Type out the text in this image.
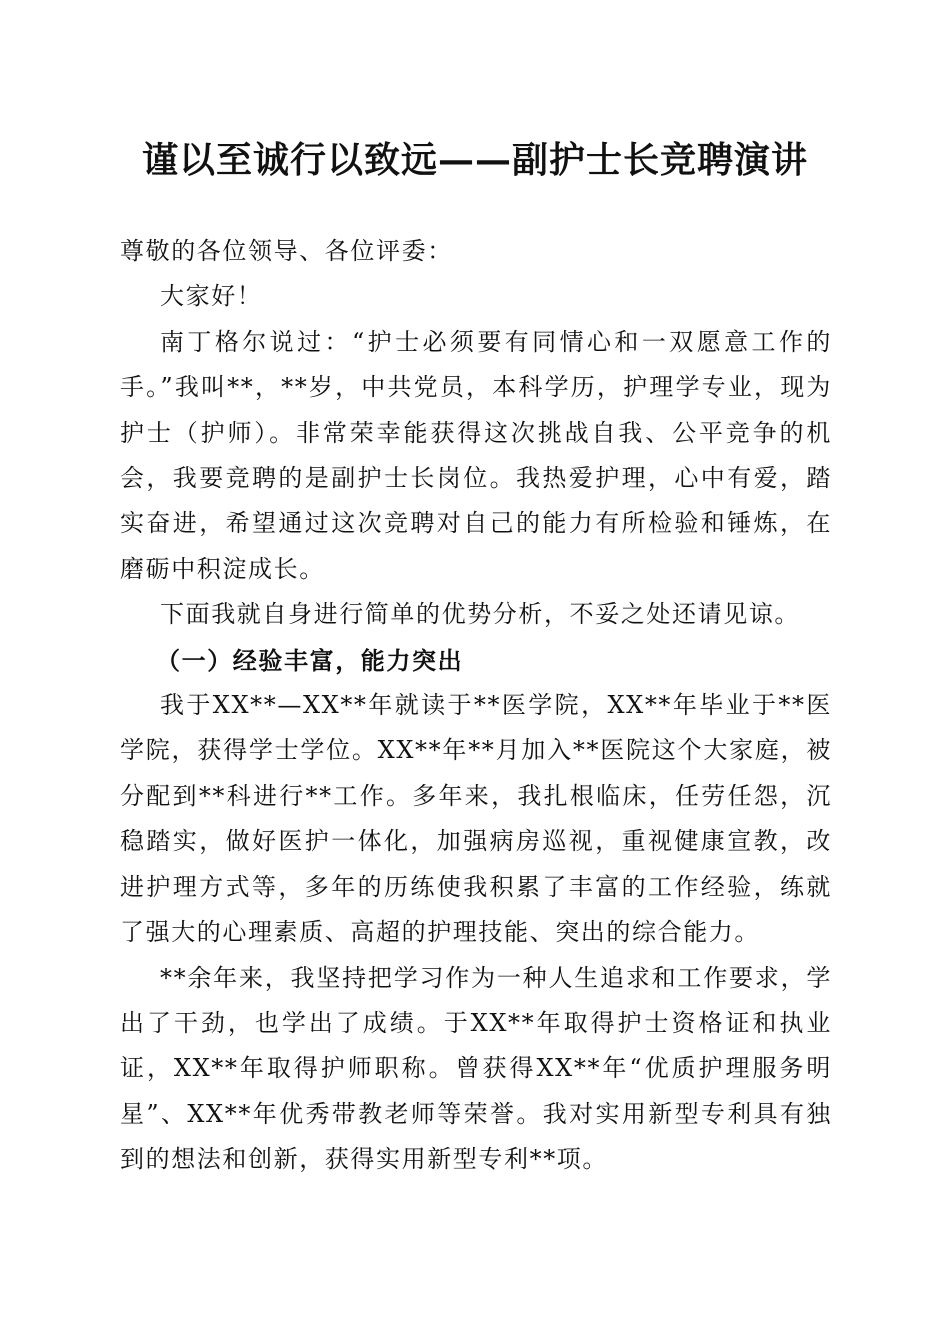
谨以至诚行以致远——副护士长竞聘演讲

尊敬的各位领导、各位评委：

大家好！

南丁格尔说过：“护士必须要有同情心和一双愿意工作的手。”我叫**，**岁，中共党员，本科学历，护理学专业，现为护士（护师）。非常荣幸能获得这次挑战自我、公平竞争的机会，我要竞聘的是副护士长岗位。我热爱护理，心中有爱，踏实奋进，希望通过这次竞聘对自己的能力有所检验和锤炼，在磨砺中积淀成长。

下面我就自身进行简单的优势分析，不妥之处还请见谅。

（一）经验丰富，能力突出

我于XX**—XX**年就读于**医学院，XX**年毕业于**医学院，获得学士学位。XX**年**月加入**医院这个大家庭，被分配到**科进行**工作。多年来，我扎根临床，任劳任怨，沉稳踏实，做好医护一体化，加强病房巡视，重视健康宣教，改进护理方式等，多年的历练使我积累了丰富的工作经验，练就了强大的心理素质、高超的护理技能、突出的综合能力。

**余年来，我坚持把学习作为一种人生追求和工作要求，学出了干劲，也学出了成绩。于XX**年取得护士资格证和执业证，XX**年取得护师职称。曾获得XX**年“优质护理服务明星”、XX**年优秀带教老师等荣誉。我对实用新型专利具有独到的想法和创新，获得实用新型专利**项。
